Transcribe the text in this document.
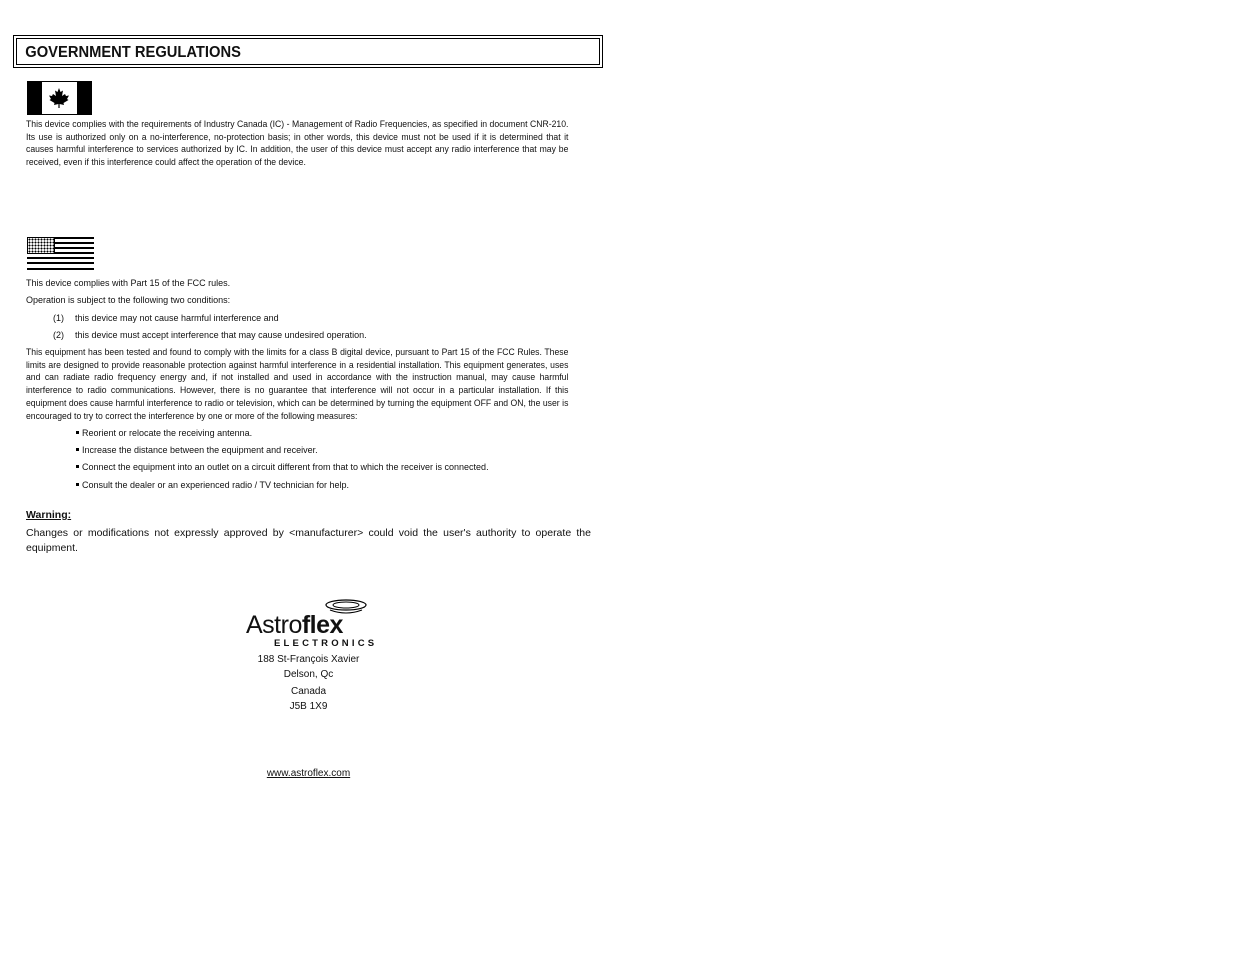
GOVERNMENT REGULATIONS

This device complies with the requirements of Industry Canada (IC) - Management of Radio Frequencies, as specified in document CNR-210. Its use is authorized only on a no-interference, no-protection basis; in other words, this device must not be used if it is determined that it causes harmful interference to services authorized by IC. In addition, the user of this device must accept any radio interference that may be received, even if this interference could affect the operation of the device.

This device complies with Part 15 of the FCC rules.
Operation is subject to the following two conditions:
(1) this device may not cause harmful interference and
(2) this device must accept interference that may cause undesired operation.

This equipment has been tested and found to comply with the limits for a class B digital device, pursuant to Part 15 of the FCC Rules. These limits are designed to provide reasonable protection against harmful interference in a residential installation. This equipment generates, uses and can radiate radio frequency energy and, if not installed and used in accordance with the instruction manual, may cause harmful interference to radio communications. However, there is no guarantee that interference will not occur in a particular installation. If this equipment does cause harmful interference to radio or television, which can be determined by turning the equipment OFF and ON, the user is encouraged to try to correct the interference by one or more of the following measures:

Reorient or relocate the receiving antenna.
Increase the distance between the equipment and receiver.
Connect the equipment into an outlet on a circuit different from that to which the receiver is connected.
Consult the dealer or an experienced radio / TV technician for help.
Warning:

Changes or modifications not expressly approved by <manufacturer> could void the user's authority to operate the equipment.

Astroflex
ELECTRONICS
188 St-François Xavier
Delson, Qc
Canada
J5B 1X9
www.astroflex.com
